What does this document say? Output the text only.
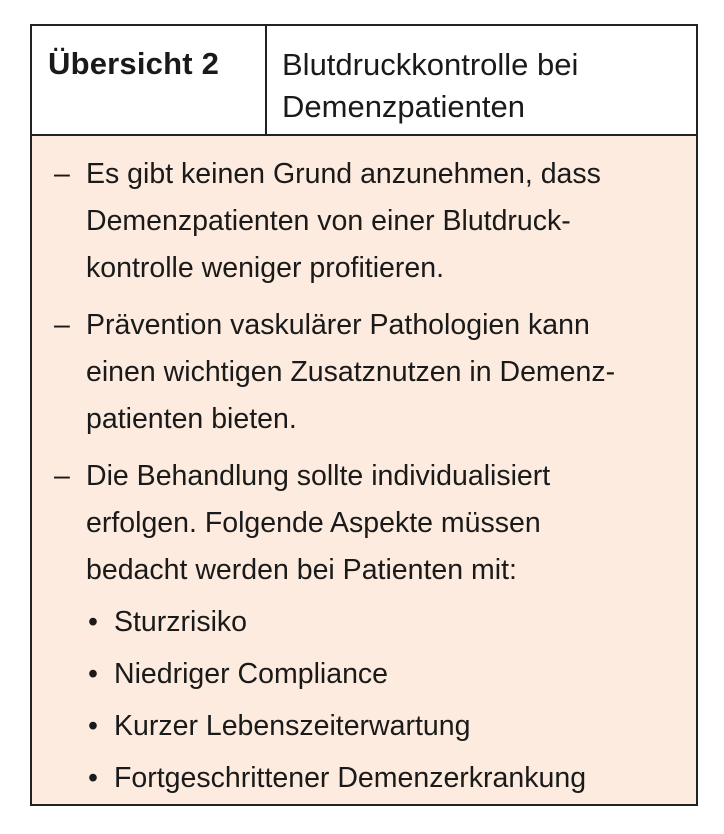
Übersicht 2 Blutdruckkontrolle bei
Demenzpatienten
– Es gibt keinen Grund anzunehmen, dass
Demenzpatienten von einer Blutdruck-
kontrolle weniger profitieren.
– Prävention vaskulärer Pathologien kann
einen wichtigen Zusatznutzen in Demenz-
patienten bieten.
– Die Behandlung sollte individualisiert
erfolgen. Folgende Aspekte müssen
bedacht werden bei Patienten mit:
• Sturzrisiko
• Niedriger Compliance
• Kurzer Lebenszeiterwartung
• Fortgeschrittener Demenzerkrankung
